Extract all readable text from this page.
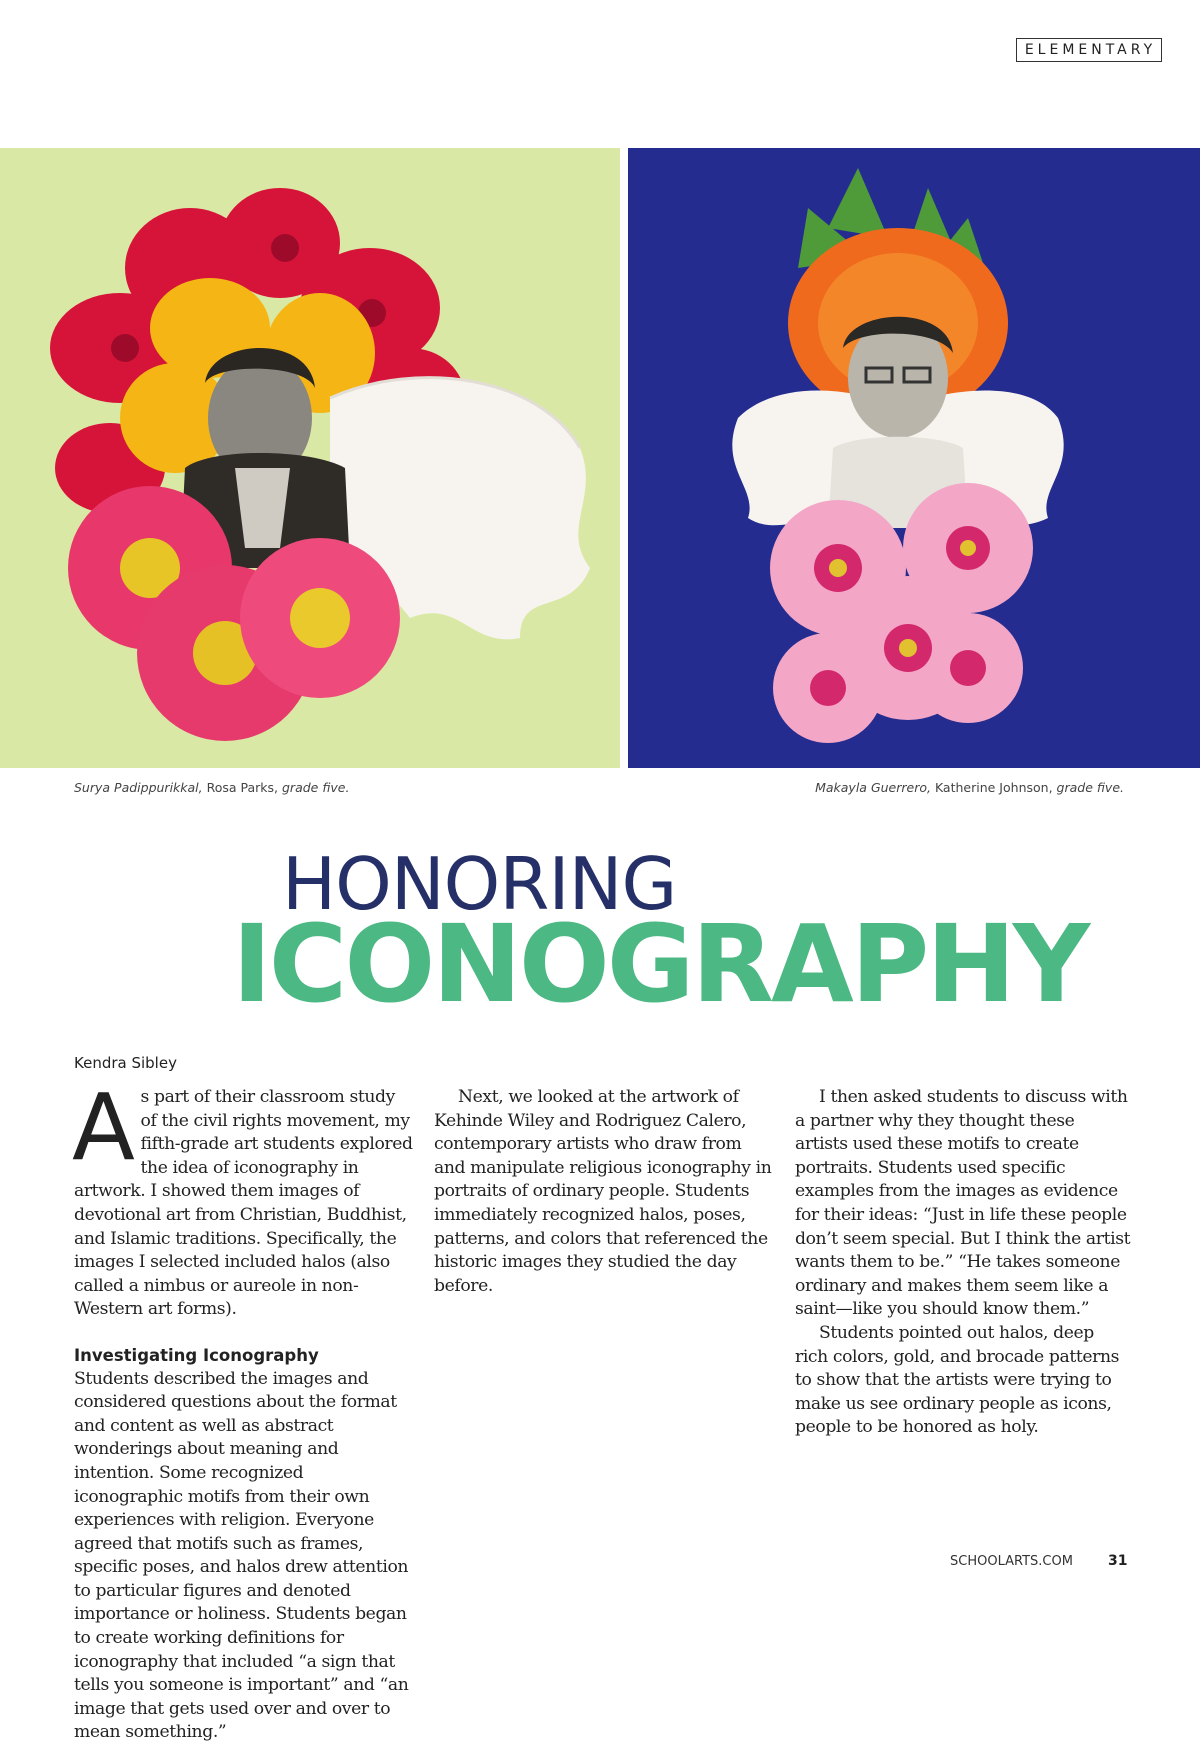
ELEMENTARY
Surya Padippurikkal, Rosa Parks, grade five.	Makayla Guerrero, Katherine Johnson, grade five.
HONORING
ICONOGRAPHY
Kendra Sibley

As part of their classroom study of the civil rights movement, my fifth-grade art students explored the idea of iconography in artwork. I showed them images of devotional art from Christian, Buddhist, and Islamic traditions. Specifically, the images I selected included halos (also called a nimbus or aureole in non-Western art forms).

Investigating Iconography

Students described the images and considered questions about the format and content as well as abstract wonderings about meaning and intention. Some recognized iconographic motifs from their own experiences with religion. Everyone agreed that motifs such as frames, specific poses, and halos drew attention to particular figures and denoted importance or holiness. Students began to create working definitions for iconography that included “a sign that tells you someone is important” and “an image that gets used over and over to mean something.”

Next, we looked at the artwork of Kehinde Wiley and Rodriguez Calero, contemporary artists who draw from and manipulate religious iconography in portraits of ordinary people. Students immediately recognized halos, poses, patterns, and colors that referenced the historic images they studied the day before.

I then asked students to discuss with a partner why they thought these artists used these motifs to create portraits. Students used specific examples from the images as evidence for their ideas: “Just in life these people don’t seem special. But I think the artist wants them to be.” “He takes someone ordinary and makes them seem like a saint—like you should know them.”

Students pointed out halos, deep rich colors, gold, and brocade patterns to show that the artists were trying to make us see ordinary people as icons, people to be honored as holy.

SCHOOLARTS.COM	31
